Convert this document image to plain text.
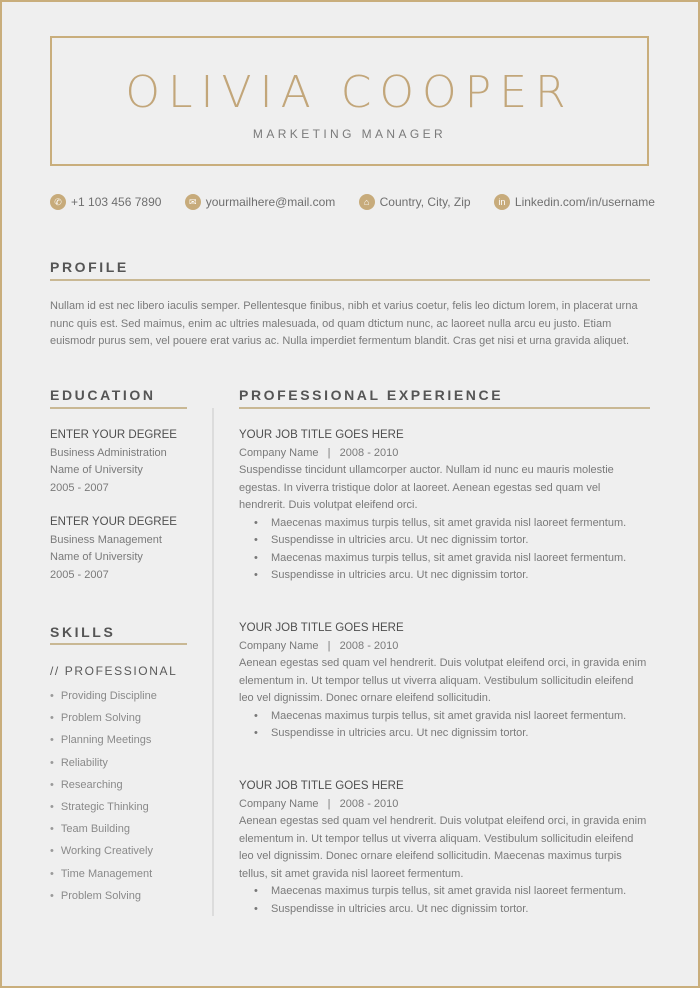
OLIVIA COOPER
MARKETING MANAGER
✆ +1 103 456 7890	✉ yourmailhere@mail.com	⌂ Country, City, Zip	in Linkedin.com/in/username
PROFILE
Nullam id est nec libero iaculis semper. Pellentesque finibus, nibh et varius coetur, felis leo dictum lorem, in placerat urna nunc quis est. Sed maimus, enim ac ultries malesuada, od quam dtictum nunc, ac laoreet nulla arcu eu justo. Etiam euismodr purus sem, vel pouere erat varius ac. Nulla imperdiet fermentum blandit. Cras get nisi et urna gravida aliquet.
EDUCATION
ENTER YOUR DEGREE
Business Administration
Name of University
2005 - 2007
ENTER YOUR DEGREE
Business Management
Name of University
2005 - 2007
SKILLS
// PROFESSIONAL
• Providing Discipline
• Problem Solving
• Planning Meetings
• Reliability
• Researching
• Strategic Thinking
• Team Building
• Working Creatively
• Time Management
• Problem Solving
PROFESSIONAL EXPERIENCE
YOUR JOB TITLE GOES HERE
Company Name   |   2008 - 2010
Suspendisse tincidunt ullamcorper auctor. Nullam id nunc eu mauris molestie egestas. In viverra tristique dolor at laoreet. Aenean egestas sed quam vel hendrerit. Duis volutpat eleifend orci.
• Maecenas maximus turpis tellus, sit amet gravida nisl laoreet fermentum.
• Suspendisse in ultricies arcu. Ut nec dignissim tortor.
• Maecenas maximus turpis tellus, sit amet gravida nisl laoreet fermentum.
• Suspendisse in ultricies arcu. Ut nec dignissim tortor.
YOUR JOB TITLE GOES HERE
Company Name   |   2008 - 2010
Aenean egestas sed quam vel hendrerit. Duis volutpat eleifend orci, in gravida enim elementum in. Ut tempor tellus ut viverra aliquam. Vestibulum sollicitudin eleifend leo vel dignissim. Donec ornare eleifend sollicitudin.
• Maecenas maximus turpis tellus, sit amet gravida nisl laoreet fermentum.
• Suspendisse in ultricies arcu. Ut nec dignissim tortor.
YOUR JOB TITLE GOES HERE
Company Name   |   2008 - 2010
Aenean egestas sed quam vel hendrerit. Duis volutpat eleifend orci, in gravida enim elementum in. Ut tempor tellus ut viverra aliquam. Vestibulum sollicitudin eleifend leo vel dignissim. Donec ornare eleifend sollicitudin. Maecenas maximus turpis tellus, sit amet gravida nisl laoreet fermentum.
• Maecenas maximus turpis tellus, sit amet gravida nisl laoreet fermentum.
• Suspendisse in ultricies arcu. Ut nec dignissim tortor.
